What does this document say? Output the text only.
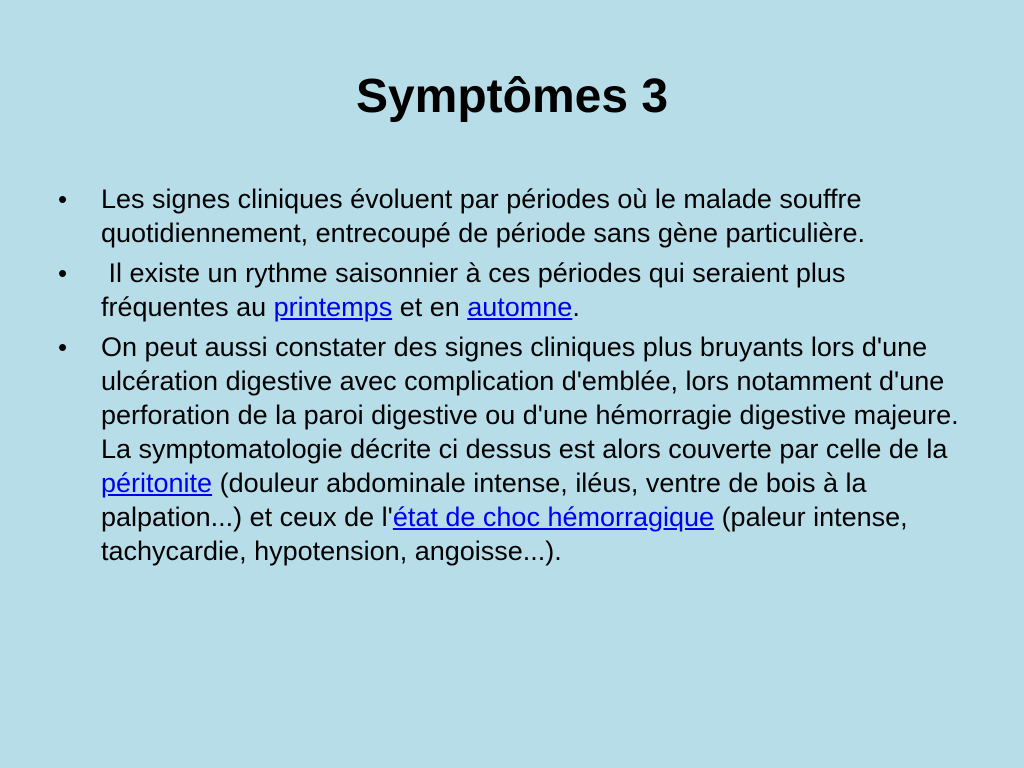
Symptômes 3
•	Les signes cliniques évoluent par périodes où le malade souffre quotidiennement, entrecoupé de période sans gène particulière.
•	Il existe un rythme saisonnier à ces périodes qui seraient plus fréquentes au printemps et en automne.
•	On peut aussi constater des signes cliniques plus bruyants lors d'une ulcération digestive avec complication d'emblée, lors notamment d'une perforation de la paroi digestive ou d'une hémorragie digestive majeure. La symptomatologie décrite ci dessus est alors couverte par celle de la péritonite (douleur abdominale intense, iléus, ventre de bois à la palpation...) et ceux de l'état de choc hémorragique (paleur intense, tachycardie, hypotension, angoisse...).
